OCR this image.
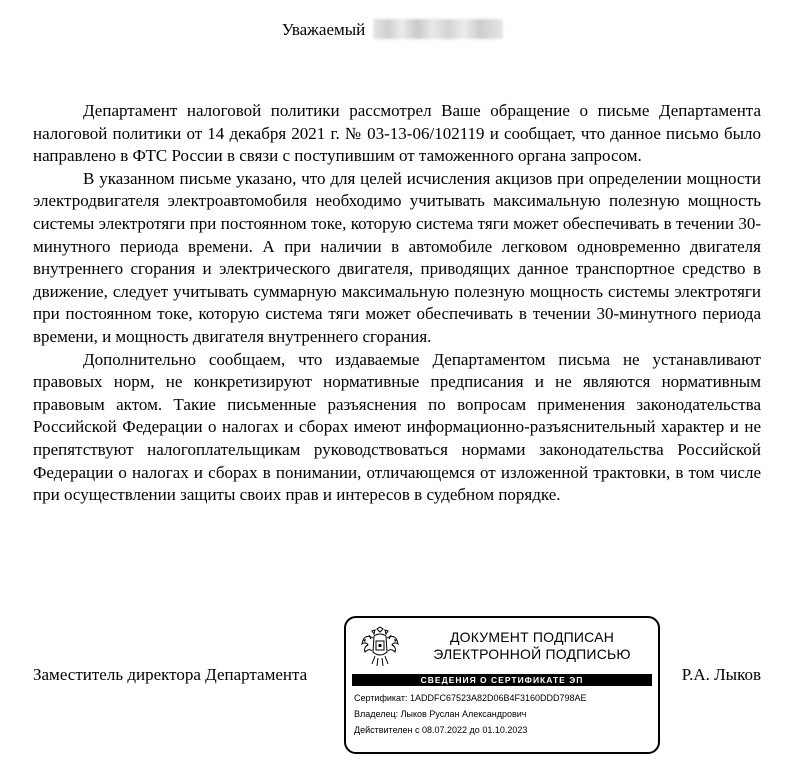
Уважаемый

Департамент налоговой политики рассмотрел Ваше обращение о письме Департамента налоговой политики от 14 декабря 2021 г. № 03-13-06/102119 и сообщает, что данное письмо было направлено в ФТС России в связи с поступившим от таможенного органа запросом.

В указанном письме указано, что для целей исчисления акцизов при определении мощности электродвигателя электроавтомобиля необходимо учитывать максимальную полезную мощность системы электротяги при постоянном токе, которую система тяги может обеспечивать в течении 30-минутного периода времени. А при наличии в автомобиле легковом одновременно двигателя внутреннего сгорания и электрического двигателя, приводящих данное транспортное средство в движение, следует учитывать суммарную максимальную полезную мощность системы электротяги при постоянном токе, которую система тяги может обеспечивать в течении 30-минутного периода времени, и мощность двигателя внутреннего сгорания.

Дополнительно сообщаем, что издаваемые Департаментом письма не устанавливают правовых норм, не конкретизируют нормативные предписания и не являются нормативным правовым актом. Такие письменные разъяснения по вопросам применения законодательства Российской Федерации о налогах и сборах имеют информационно-разъяснительный характер и не препятствуют налогоплательщикам руководствоваться нормами законодательства Российской Федерации о налогах и сборах в понимании, отличающемся от изложенной трактовки, в том числе при осуществлении защиты своих прав и интересов в судебном порядке.

Заместитель директора Департамента	Р.А. Лыков
ДОКУМЕНТ ПОДПИСАН
ЭЛЕКТРОННОЙ ПОДПИСЬЮ
СВЕДЕНИЯ О СЕРТИФИКАТЕ ЭП
Сертификат: 1ADDFC67523A82D06B4F3160DDD798AE
Владелец: Лыков Руслан Александрович
Действителен с 08.07.2022 до 01.10.2023
